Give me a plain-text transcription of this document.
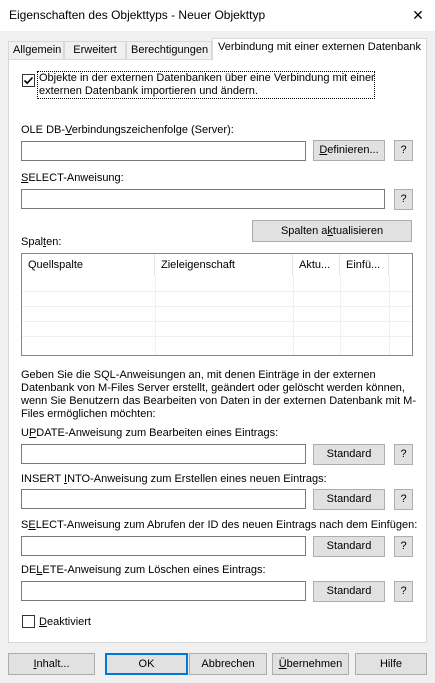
Eigenschaften des Objekttyps - Neuer Objekttyp	✕
Allgemein	Erweitert	Berechtigungen Verbindung mit einer externen Datenbank
Objekte in der externen Datenbanken über eine Verbindung mit einer
externen Datenbank importieren und ändern.
OLE DB-Verbindungszeichenfolge (Server):
Definieren...	?
SELECT-Anweisung:
?
Spalten aktualisieren
Spalten:
Quellspalte	Zieleigenschaft	Aktu...	Einfü...
Geben Sie die SQL-Anweisungen an, mit denen Einträge in der externen Datenbank von M-Files Server erstellt, geändert oder gelöscht werden können, wenn Sie Benutzern das Bearbeiten von Daten in der externen Datenbank mit M-Files ermöglichen möchten:
UPDATE-Anweisung zum Bearbeiten eines Eintrags:
Standard	?
INSERT INTO-Anweisung zum Erstellen eines neuen Eintrags:
Standard	?
SELECT-Anweisung zum Abrufen der ID des neuen Eintrags nach dem Einfügen:
Standard	?
DELETE-Anweisung zum Löschen eines Eintrags:
Standard	?
Deaktiviert
Inhalt...	OK	Abbrechen	Übernehmen	Hilfe
